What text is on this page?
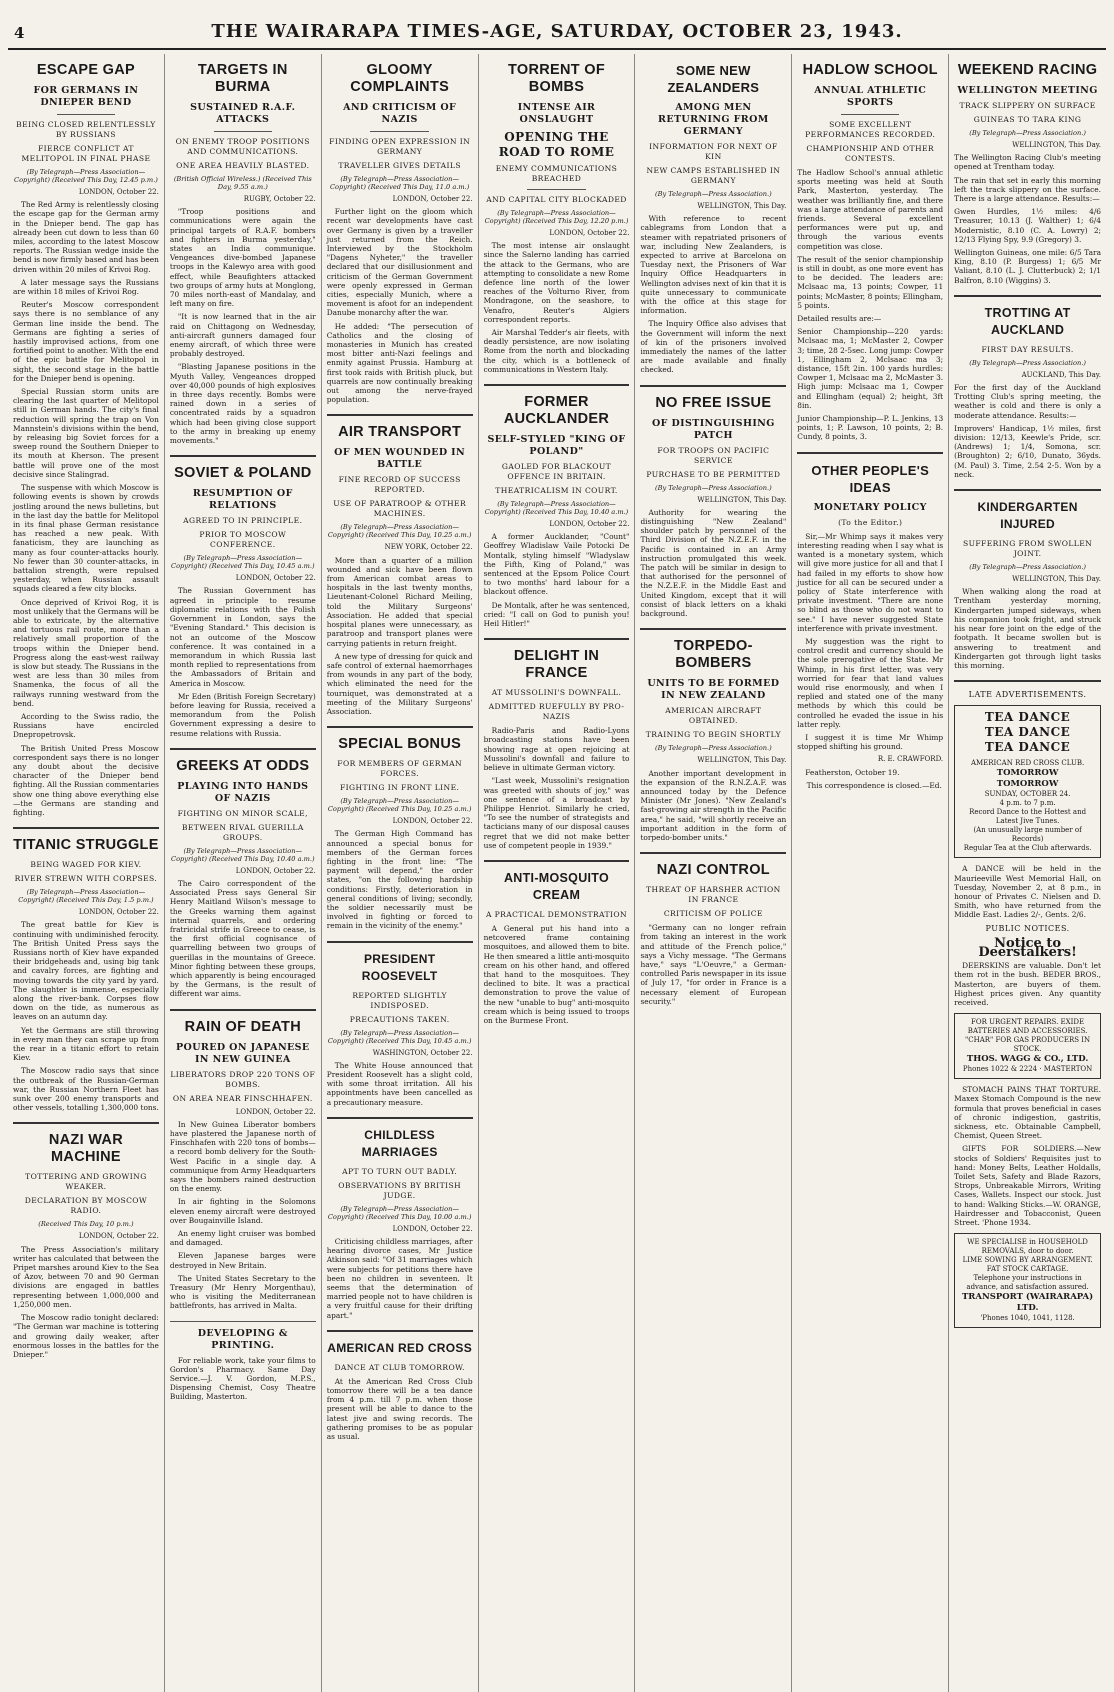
4	THE WAIRARAPA TIMES-AGE, SATURDAY, OCTOBER 23, 1943.
ESCAPE GAP
FOR GERMANS IN DNIEPER BEND
BEING CLOSED RELENTLESSLY BY RUSSIANS
FIERCE CONFLICT AT MELITOPOL IN FINAL PHASE
(By Telegraph—Press Association—Copyright) (Received This Day, 12.45 p.m.)
LONDON, October 22.

The Red Army is relentlessly closing the escape gap for the German army in the Dnieper bend. The gap has already been cut down to less than 60 miles, according to the latest Moscow reports. The Russian wedge inside the bend is now firmly based and has been driven within 20 miles of Krivoi Rog.

A later message says the Russians are within 18 miles of Krivoi Rog.

Reuter's Moscow correspondent says there is no semblance of any German line inside the bend. The Germans are fighting a series of hastily improvised actions, from one fortified point to another. With the end of the epic battle for Melitopol in sight, the second stage in the battle for the Dnieper bend is opening.

Special Russian storm units are clearing the last quarter of Melitopol still in German hands. The city's final reduction will spring the trap on Von Mannstein's divisions within the bend, by releasing big Soviet forces for a sweep round the Southern Dnieper to its mouth at Kherson. The present battle will prove one of the most decisive since Stalingrad.

The suspense with which Moscow is following events is shown by crowds jostling around the news bulletins, but in the last day the battle for Melitopol in its final phase German resistance has reached a new peak. With fanaticism, they are launching as many as four counter-attacks hourly. No fewer than 30 counter-attacks, in battalion strength, were repulsed yesterday, when Russian assault squads cleared a few city blocks.

Once deprived of Krivoi Rog, it is most unlikely that the Germans will be able to extricate, by the alternative and tortuous rail route, more than a relatively small proportion of the troops within the Dnieper bend. Progress along the east-west railway is slow but steady. The Russians in the west are less than 30 miles from Snamenka, the focus of all the railways running westward from the bend.

According to the Swiss radio, the Russians have encircled Dnepropetrovsk.

The British United Press Moscow correspondent says there is no longer any doubt about the decisive character of the Dnieper bend fighting. All the Russian commentaries show one thing above everything else—the Germans are standing and fighting.

TITANIC STRUGGLE
BEING WAGED FOR KIEV.
RIVER STREWN WITH CORPSES.
(By Telegraph—Press Association—Copyright) (Received This Day, 1.5 p.m.)
LONDON, October 22.

The great battle for Kiev is continuing with undiminished ferocity. The British United Press says the Russians north of Kiev have expanded their bridgeheads and, using big tank and cavalry forces, are fighting and moving towards the city yard by yard. The slaughter is immense, especially along the river-bank. Corpses flow down on the tide, as numerous as leaves on an autumn day.

Yet the Germans are still throwing in every man they can scrape up from the rear in a titanic effort to retain Kiev.

The Moscow radio says that since the outbreak of the Russian-German war, the Russian Northern Fleet has sunk over 200 enemy transports and other vessels, totalling 1,300,000 tons.

NAZI WAR MACHINE
TOTTERING AND GROWING WEAKER.
DECLARATION BY MOSCOW RADIO.
(Received This Day, 10 p.m.)
LONDON, October 22.

The Press Association's military writer has calculated that between the Pripet marshes around Kiev to the Sea of Azov, between 70 and 90 German divisions are engaged in battles representing between 1,000,000 and 1,250,000 men.

The Moscow radio tonight declared: "The German war machine is tottering and growing daily weaker, after enormous losses in the battles for the Dnieper."

TARGETS IN BURMA
SUSTAINED R.A.F. ATTACKS
ON ENEMY TROOP POSITIONS AND COMMUNICATIONS.
ONE AREA HEAVILY BLASTED.
(British Official Wireless.) (Received This Day, 9.55 a.m.)
RUGBY, October 22.

"Troop positions and communications were again the principal targets of R.A.F. bombers and fighters in Burma yesterday," states an India communique. Vengeances dive-bombed Japanese troops in the Kalewyo area with good effect, while Beaufighters attacked two groups of army huts at Monglong, 70 miles north-east of Mandalay, and left many on fire.

"It is now learned that in the air raid on Chittagong on Wednesday, anti-aircraft gunners damaged four enemy aircraft, of which three were probably destroyed.

"Blasting Japanese positions in the Myuth Valley, Vengeances dropped over 40,000 pounds of high explosives in three days recently. Bombs were rained down in a series of concentrated raids by a squadron which had been giving close support to the army in breaking up enemy movements."

SOVIET & POLAND
RESUMPTION OF RELATIONS
AGREED TO IN PRINCIPLE.
PRIOR TO MOSCOW CONFERENCE.
(By Telegraph—Press Association—Copyright) (Received This Day, 10.45 a.m.)
LONDON, October 22.

The Russian Government has agreed in principle to resume diplomatic relations with the Polish Government in London, says the "Evening Standard." This decision is not an outcome of the Moscow conference. It was contained in a memorandum in which Russia last month replied to representations from the Ambassadors of Britain and America in Moscow.

Mr Eden (British Foreign Secretary) before leaving for Russia, received a memorandum from the Polish Government expressing a desire to resume relations with Russia.

GREEKS AT ODDS
PLAYING INTO HANDS OF NAZIS
FIGHTING ON MINOR SCALE,
BETWEEN RIVAL GUERILLA GROUPS.
(By Telegraph—Press Association—Copyright) (Received This Day, 10.40 a.m.)
LONDON, October 22.

The Cairo correspondent of the Associated Press says General Sir Henry Maitland Wilson's message to the Greeks warning them against internal quarrels, and ordering fratricidal strife in Greece to cease, is the first official cognisance of quarrelling between two groups of guerillas in the mountains of Greece. Minor fighting between these groups, which apparently is being encouraged by the Germans, is the result of different war aims.

RAIN OF DEATH
POURED ON JAPANESE IN NEW GUINEA
LIBERATORS DROP 220 TONS OF BOMBS.
ON AREA NEAR FINSCHHAFEN.
LONDON, October 22.

In New Guinea Liberator bombers have plastered the Japanese north of Finschhafen with 220 tons of bombs—a record bomb delivery for the South-West Pacific in a single day. A communique from Army Headquarters says the bombers rained destruction on the enemy.

In air fighting in the Solomons eleven enemy aircraft were destroyed over Bougainville Island.

An enemy light cruiser was bombed and damaged.

Eleven Japanese barges were destroyed in New Britain.

The United States Secretary to the Treasury (Mr Henry Morgenthau), who is visiting the Mediterranean battlefronts, has arrived in Malta.

DEVELOPING & PRINTING.

For reliable work, take your films to Gordon's Pharmacy. Same Day Service.—J. V. Gordon, M.P.S., Dispensing Chemist, Cosy Theatre Building, Masterton.

GLOOMY COMPLAINTS
AND CRITICISM OF NAZIS
FINDING OPEN EXPRESSION IN GERMANY
TRAVELLER GIVES DETAILS
(By Telegraph—Press Association—Copyright) (Received This Day, 11.0 a.m.)
LONDON, October 22.

Further light on the gloom which recent war developments have cast over Germany is given by a traveller just returned from the Reich. Interviewed by the Stockholm "Dagens Nyheter," the traveller declared that our disillusionment and criticism of the German Government were openly expressed in German cities, especially Munich, where a movement is afoot for an independent Danube monarchy after the war.

He added: "The persecution of Catholics and the closing of monasteries in Munich has created most bitter anti-Nazi feelings and enmity against Prussia. Hamburg at first took raids with British pluck, but quarrels are now continually breaking out among the nerve-frayed population.

AIR TRANSPORT
OF MEN WOUNDED IN BATTLE
FINE RECORD OF SUCCESS REPORTED.
USE OF PARATROOP & OTHER MACHINES.
(By Telegraph—Press Association—Copyright) (Received This Day, 10.25 a.m.)
NEW YORK, October 22.

More than a quarter of a million wounded and sick have been flown from American combat areas to hospitals in the last twenty months, Lieutenant-Colonel Richard Meiling, told the Military Surgeons' Association. He added that special hospital planes were unnecessary, as paratroop and transport planes were carrying patients in return freight.

A new type of dressing for quick and safe control of external haemorrhages from wounds in any part of the body, which eliminated the need for the tourniquet, was demonstrated at a meeting of the Military Surgeons' Association.

SPECIAL BONUS
FOR MEMBERS OF GERMAN FORCES.
FIGHTING IN FRONT LINE.
(By Telegraph—Press Association—Copyright) (Received This Day, 10.25 a.m.)
LONDON, October 22.

The German High Command has announced a special bonus for members of the German forces fighting in the front line: "The payment will depend," the order states, "on the following hardship conditions: Firstly, deterioration in general conditions of living; secondly, the soldier necessarily must be involved in fighting or forced to remain in the vicinity of the enemy."

PRESIDENT ROOSEVELT
REPORTED SLIGHTLY INDISPOSED.
PRECAUTIONS TAKEN.
(By Telegraph—Press Association—Copyright) (Received This Day, 10.45 a.m.)
WASHINGTON, October 22.

The White House announced that President Roosevelt has a slight cold, with some throat irritation. All his appointments have been cancelled as a precautionary measure.

CHILDLESS MARRIAGES
APT TO TURN OUT BADLY.
OBSERVATIONS BY BRITISH JUDGE.
(By Telegraph—Press Association—Copyright) (Received This Day, 10.00 a.m.)
LONDON, October 22.

Criticising childless marriages, after hearing divorce cases, Mr Justice Atkinson said: "Of 31 marriages which were subjects for petitions there have been no children in seventeen. It seems that the determination of married people not to have children is a very fruitful cause for their drifting apart."

AMERICAN RED CROSS
DANCE AT CLUB TOMORROW.

At the American Red Cross Club tomorrow there will be a tea dance from 4 p.m. till 7 p.m. when those present will be able to dance to the latest jive and swing records. The gathering promises to be as popular as usual.

TORRENT OF BOMBS
INTENSE AIR ONSLAUGHT
OPENING THE ROAD TO ROME
ENEMY COMMUNICATIONS BREACHED
AND CAPITAL CITY BLOCKADED
(By Telegraph—Press Association—Copyright) (Received This Day, 12.20 p.m.)
LONDON, October 22.

The most intense air onslaught since the Salerno landing has carried the attack to the Germans, who are attempting to consolidate a new Rome defence line north of the lower reaches of the Volturno River, from Mondragone, on the seashore, to Venafro, Reuter's Algiers correspondent reports.

Air Marshal Tedder's air fleets, with deadly persistence, are now isolating Rome from the north and blockading the city, which is a bottleneck of communications in Western Italy.

FORMER AUCKLANDER
SELF-STYLED "KING OF POLAND"
GAOLED FOR BLACKOUT OFFENCE IN BRITAIN.
THEATRICALISM IN COURT.
(By Telegraph—Press Association—Copyright) (Received This Day, 10.40 a.m.)
LONDON, October 22.

A former Aucklander, "Count" Geoffrey Wladislaw Vaile Potocki De Montalk, styling himself "Wladyslaw the Fifth, King of Poland," was sentenced at the Epsom Police Court to two months' hard labour for a blackout offence.

De Montalk, after he was sentenced, cried: "I call on God to punish you! Heil Hitler!"

DELIGHT IN FRANCE
AT MUSSOLINI'S DOWNFALL.
ADMITTED RUEFULLY BY PRO-NAZIS

Radio-Paris and Radio-Lyons broadcasting stations have been showing rage at open rejoicing at Mussolini's downfall and failure to believe in ultimate German victory.

"Last week, Mussolini's resignation was greeted with shouts of joy," was one sentence of a broadcast by Philippe Henriot. Similarly he cried, "To see the number of strategists and tacticians many of our disposal causes regret that we did not make better use of competent people in 1939."

ANTI-MOSQUITO CREAM
A PRACTICAL DEMONSTRATION

A General put his hand into a netcovered frame containing mosquitoes, and allowed them to bite. He then smeared a little anti-mosquito cream on his other hand, and offered that hand to the mosquitoes. They declined to bite. It was a practical demonstration to prove the value of the new "unable to bug" anti-mosquito cream which is being issued to troops on the Burmese Front.

SOME NEW ZEALANDERS
AMONG MEN RETURNING FROM GERMANY
INFORMATION FOR NEXT OF KIN
NEW CAMPS ESTABLISHED IN GERMANY
(By Telegraph—Press Association.)
WELLINGTON, This Day.

With reference to recent cablegrams from London that a steamer with repatriated prisoners of war, including New Zealanders, is expected to arrive at Barcelona on Tuesday next, the Prisoners of War Inquiry Office Headquarters in Wellington advises next of kin that it is quite unnecessary to communicate with the office at this stage for information.

The Inquiry Office also advises that the Government will inform the next of kin of the prisoners involved immediately the names of the latter are made available and finally checked.

NO FREE ISSUE
OF DISTINGUISHING PATCH
FOR TROOPS ON PACIFIC SERVICE
PURCHASE TO BE PERMITTED
(By Telegraph—Press Association.)
WELLINGTON, This Day.

Authority for wearing the distinguishing "New Zealand" shoulder patch by personnel of the Third Division of the N.Z.E.F. in the Pacific is contained in an Army instruction promulgated this week. The patch will be similar in design to that authorised for the personnel of the N.Z.E.F. in the Middle East and United Kingdom, except that it will consist of black letters on a khaki background.

TORPEDO-BOMBERS
UNITS TO BE FORMED IN NEW ZEALAND
AMERICAN AIRCRAFT OBTAINED.
TRAINING TO BEGIN SHORTLY
(By Telegraph—Press Association.)
WELLINGTON, This Day.

Another important development in the expansion of the R.N.Z.A.F. was announced today by the Defence Minister (Mr Jones). "New Zealand's fast-growing air strength in the Pacific area," he said, "will shortly receive an important addition in the form of torpedo-bomber units."

NAZI CONTROL
THREAT OF HARSHER ACTION IN FRANCE
CRITICISM OF POLICE

"Germany can no longer refrain from taking an interest in the work and attitude of the French police," says a Vichy message. "The Germans have," says "L'Oeuvre," a German-controlled Paris newspaper in its issue of July 17, "for order in France is a necessary element of European security."

HADLOW SCHOOL
ANNUAL ATHLETIC SPORTS
SOME EXCELLENT PERFORMANCES RECORDED.
CHAMPIONSHIP AND OTHER CONTESTS.

The Hadlow School's annual athletic sports meeting was held at South Park, Masterton, yesterday. The weather was brilliantly fine, and there was a large attendance of parents and friends. Several excellent performances were put up, and through the various events competition was close.

The result of the senior championship is still in doubt, as one more event has to be decided. The leaders are: Mclsaac ma, 13 points; Cowper, 11 points; McMaster, 8 points; Ellingham, 5 points.

Detailed results are:—

Senior Championship—220 yards: Mclsaac ma, 1; McMaster 2, Cowper 3; time, 28 2-5sec. Long jump: Cowper 1, Ellingham 2, Mclsaac ma 3; distance, 15ft 2in. 100 yards hurdles: Cowper 1, Mclsaac ma 2, McMaster 3. High jump: Mclsaac ma 1, Cowper and Ellingham (equal) 2; height, 3ft 8in.

Junior Championship—P. L. Jenkins, 13 points, 1; P. Lawson, 10 points, 2; B. Cundy, 8 points, 3.

OTHER PEOPLE'S IDEAS
MONETARY POLICY
(To the Editor.)

Sir,—Mr Whimp says it makes very interesting reading when I say what is wanted is a monetary system, which will give more justice for all and that I had failed in my efforts to show how justice for all can be secured under a policy of State interference with private investment. "There are none so blind as those who do not want to see." I have never suggested State interference with private investment.

My suggestion was the right to control credit and currency should be the sole prerogative of the State. Mr Whimp, in his first letter, was very worried for fear that land values would rise enormously, and when I replied and stated one of the many methods by which this could be controlled he evaded the issue in his latter reply.

I suggest it is time Mr Whimp stopped shifting his ground.

R. E. CRAWFORD.

Featherston, October 19.

This correspondence is closed.—Ed.

WEEKEND RACING
WELLINGTON MEETING
TRACK SLIPPERY ON SURFACE
GUINEAS TO TARA KING
(By Telegraph—Press Association.)
WELLINGTON, This Day.

The Wellington Racing Club's meeting opened at Trentham today.

The rain that set in early this morning left the track slippery on the surface. There is a large attendance. Results:—

Gwen Hurdles, 1½ miles: 4/6 Treasurer, 10.13 (J. Walther) 1; 6/4 Modernistic, 8.10 (C. A. Lowry) 2; 12/13 Flying Spy, 9.9 (Gregory) 3.

Wellington Guineas, one mile: 6/5 Tara King, 8.10 (P. Burgess) 1; 6/5 Mr Valiant, 8.10 (L. J. Clutterbuck) 2; 1/1 Balfron, 8.10 (Wiggins) 3.

TROTTING AT AUCKLAND
FIRST DAY RESULTS.
(By Telegraph—Press Association.)
AUCKLAND, This Day.

For the first day of the Auckland Trotting Club's spring meeting, the weather is cold and there is only a moderate attendance. Results:—

Improvers' Handicap, 1½ miles, first division: 12/13, Keewle's Pride, scr. (Andrews) 1; 1/4, Somona, scr. (Broughton) 2; 6/10, Dunato, 36yds. (M. Paul) 3. Time, 2.54 2-5. Won by a neck.

KINDERGARTEN INJURED
SUFFERING FROM SWOLLEN JOINT.
(By Telegraph—Press Association.)
WELLINGTON, This Day.

When walking along the road at Trentham yesterday morning, Kindergarten jumped sideways, when his companion took fright, and struck his near fore joint on the edge of the footpath. It became swollen but is answering to treatment and Kindergarten got through light tasks this morning.

LATE ADVERTISEMENTS.
TEA DANCE
TEA DANCE
TEA DANCE
AMERICAN RED CROSS CLUB.
TOMORROW
TOMORROW
SUNDAY, OCTOBER 24.
4 p.m. to 7 p.m.
Record Dance to the Hottest and Latest Jive Tunes.
(An unusually large number of Records)
Regular Tea at the Club afterwards.

A DANCE will be held in the Maurieeville West Memorial Hall, on Tuesday, November 2, at 8 p.m., in honour of Privates C. Nielsen and D. Smith, who have returned from the Middle East. Ladies 2/-, Gents. 2/6.

PUBLIC NOTICES.
Notice to Deerstalkers!

DEERSKINS are valuable. Don't let them rot in the bush. BEDER BROS., Masterton, are buyers of them. Highest prices given. Any quantity received.

FOR URGENT REPAIRS. EXIDE BATTERIES AND ACCESSORIES. "CHAR" FOR GAS PRODUCERS IN STOCK.
THOS. WAGG & CO., LTD.
Phones 1022 & 2224 · MASTERTON

STOMACH PAINS THAT TORTURE. Maxex Stomach Compound is the new formula that proves beneficial in cases of chronic indigestion, gastritis, sickness, etc. Obtainable Campbell, Chemist, Queen Street.

GIFTS FOR SOLDIERS.—New stocks of Soldiers' Requisites just to hand: Money Belts, Leather Holdalls, Toilet Sets, Safety and Blade Razors, Strops, Unbreakable Mirrors, Writing Cases, Wallets. Inspect our stock. Just to hand: Walking Sticks.—W. ORANGE, Hairdresser and Tobacconist, Queen Street. 'Phone 1934.

WE SPECIALISE in HOUSEHOLD REMOVALS, door to door.
LIME SOWING BY ARRANGEMENT.
FAT STOCK CARTAGE.
Telephone your instructions in advance, and satisfaction assured.
TRANSPORT (WAIRARAPA) LTD.
'Phones 1040, 1041, 1128.
